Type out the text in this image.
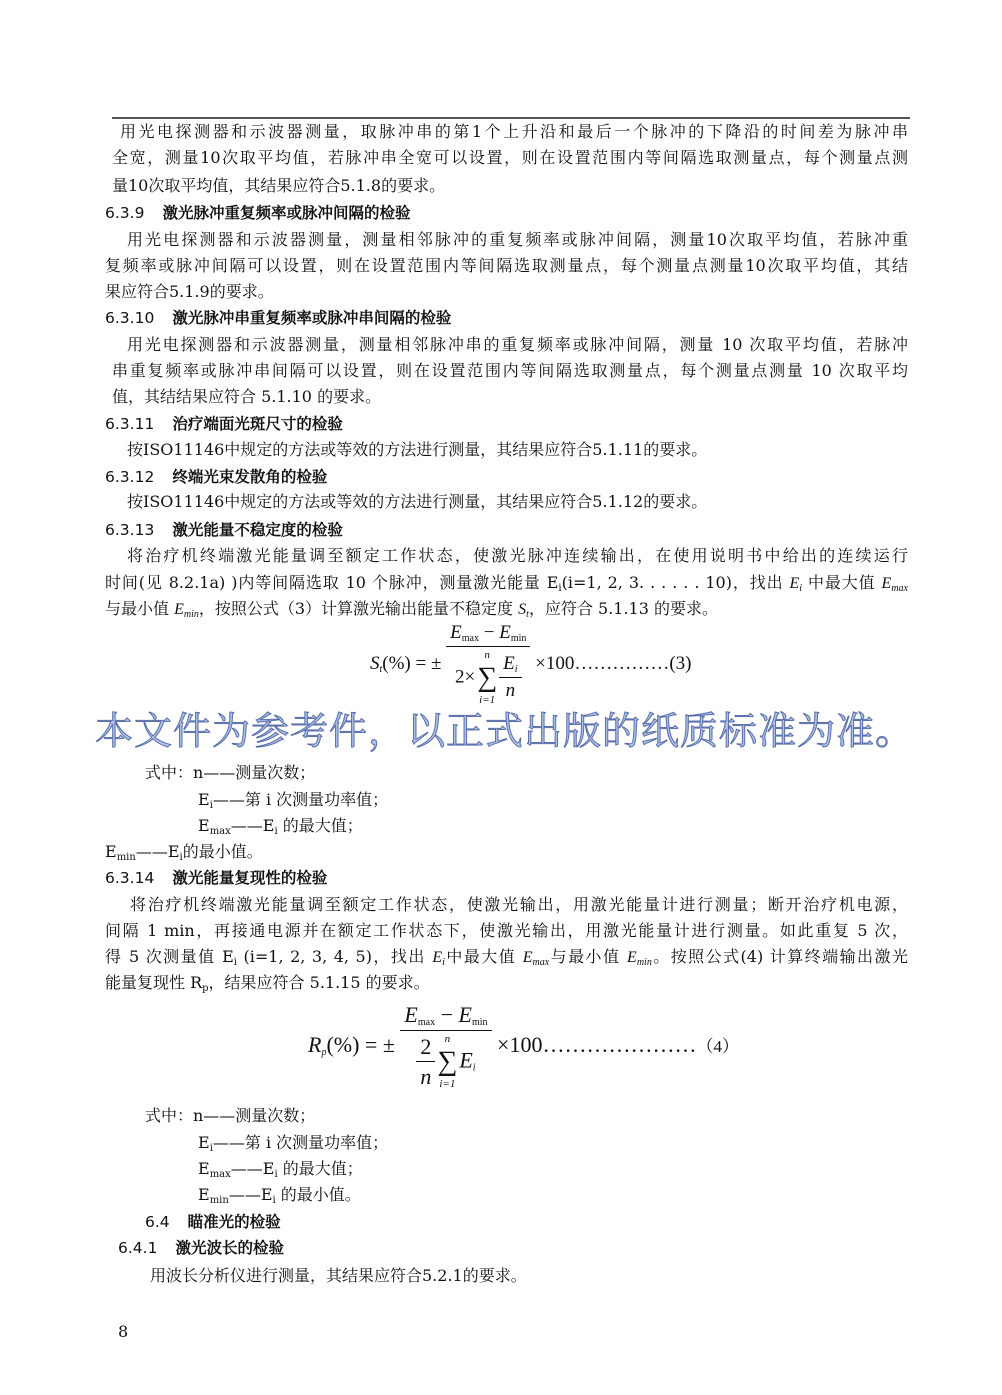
用光电探测器和示波器测量，取脉冲串的第1个上升沿和最后一个脉冲的下降沿的时间差为脉冲串
全宽，测量10次取平均值，若脉冲串全宽可以设置，则在设置范围内等间隔选取测量点，每个测量点测
量10次取平均值，其结果应符合5.1.8的要求。
6.3.9 激光脉冲重复频率或脉冲间隔的检验
用光电探测器和示波器测量，测量相邻脉冲的重复频率或脉冲间隔，测量10次取平均值，若脉冲重
复频率或脉冲间隔可以设置，则在设置范围内等间隔选取测量点，每个测量点测量10次取平均值，其结
果应符合5.1.9的要求。
6.3.10 激光脉冲串重复频率或脉冲串间隔的检验
用光电探测器和示波器测量，测量相邻脉冲串的重复频率或脉冲间隔，测量 10 次取平均值，若脉冲
串重复频率或脉冲串间隔可以设置，则在设置范围内等间隔选取测量点，每个测量点测量 10 次取平均
值，其结结果应符合 5.1.10 的要求。
6.3.11 治疗端面光斑尺寸的检验
按ISO11146中规定的方法或等效的方法进行测量，其结果应符合5.1.11的要求。
6.3.12 终端光束发散角的检验
按ISO11146中规定的方法或等效的方法进行测量，其结果应符合5.1.12的要求。
6.3.13 激光能量不稳定度的检验
将治疗机终端激光能量调至额定工作状态，使激光脉冲连续输出，在使用说明书中给出的连续运行
时间(见 8.2.1a) )内等间隔选取 10 个脉冲，测量激光能量 $E_i(i=1$, 2, 3. . . . . . 10)，找出 $E_i$ 中最大值 $E_{max}$
与最小值 $E_{min}$，按照公式（3）计算激光输出能量不稳定度 $S_t$，应符合 5.1.13 的要求。
式中：n——测量次数；
$E_i——$第 i 次测量功率值；
$E_{max}——E_i$ 的最大值；
$E_{min}——E_i$的最小值。
6.3.14 激光能量复现性的检验
将治疗机终端激光能量调至额定工作状态，使激光输出，用激光能量计进行测量；断开治疗机电源，
间隔 1 min，再接通电源并在额定工作状态下，使激光输出，用激光能量计进行测量。如此重复 5 次，
得 5 次测量值 $E_i$ (i=1, 2, 3, 4, 5)，找出 $E_i$中最大值 $E_{max}$与最小值 $E_{min}$。按照公式(4) 计算终端输出激光
能量复现性 $R_p$，结果应符合 5.1.15 的要求。
式中：n——测量次数；
$E_i——$第 i 次测量功率值；
$E_{max}——E_i$ 的最大值；
$E_{min}——E_i$ 的最小值。
6.4 瞄准光的检验
6.4.1 激光波长的检验
用波长分析仪进行测量，其结果应符合5.2.1的要求。
$S_t(\%)$ = ± $E_{max} - E_{min}$
2×
n
∑
$i=1 \frac{E_i}{n}$ ×100……………(3)
本文件为参考件，以正式出版的纸质标准为准。
$R_p(\%)$ = ± $E_{max} - E_{min}$
$\frac{2}{n}$ n
∑
i=1
$E_i$ ×100…………………（4）
8
